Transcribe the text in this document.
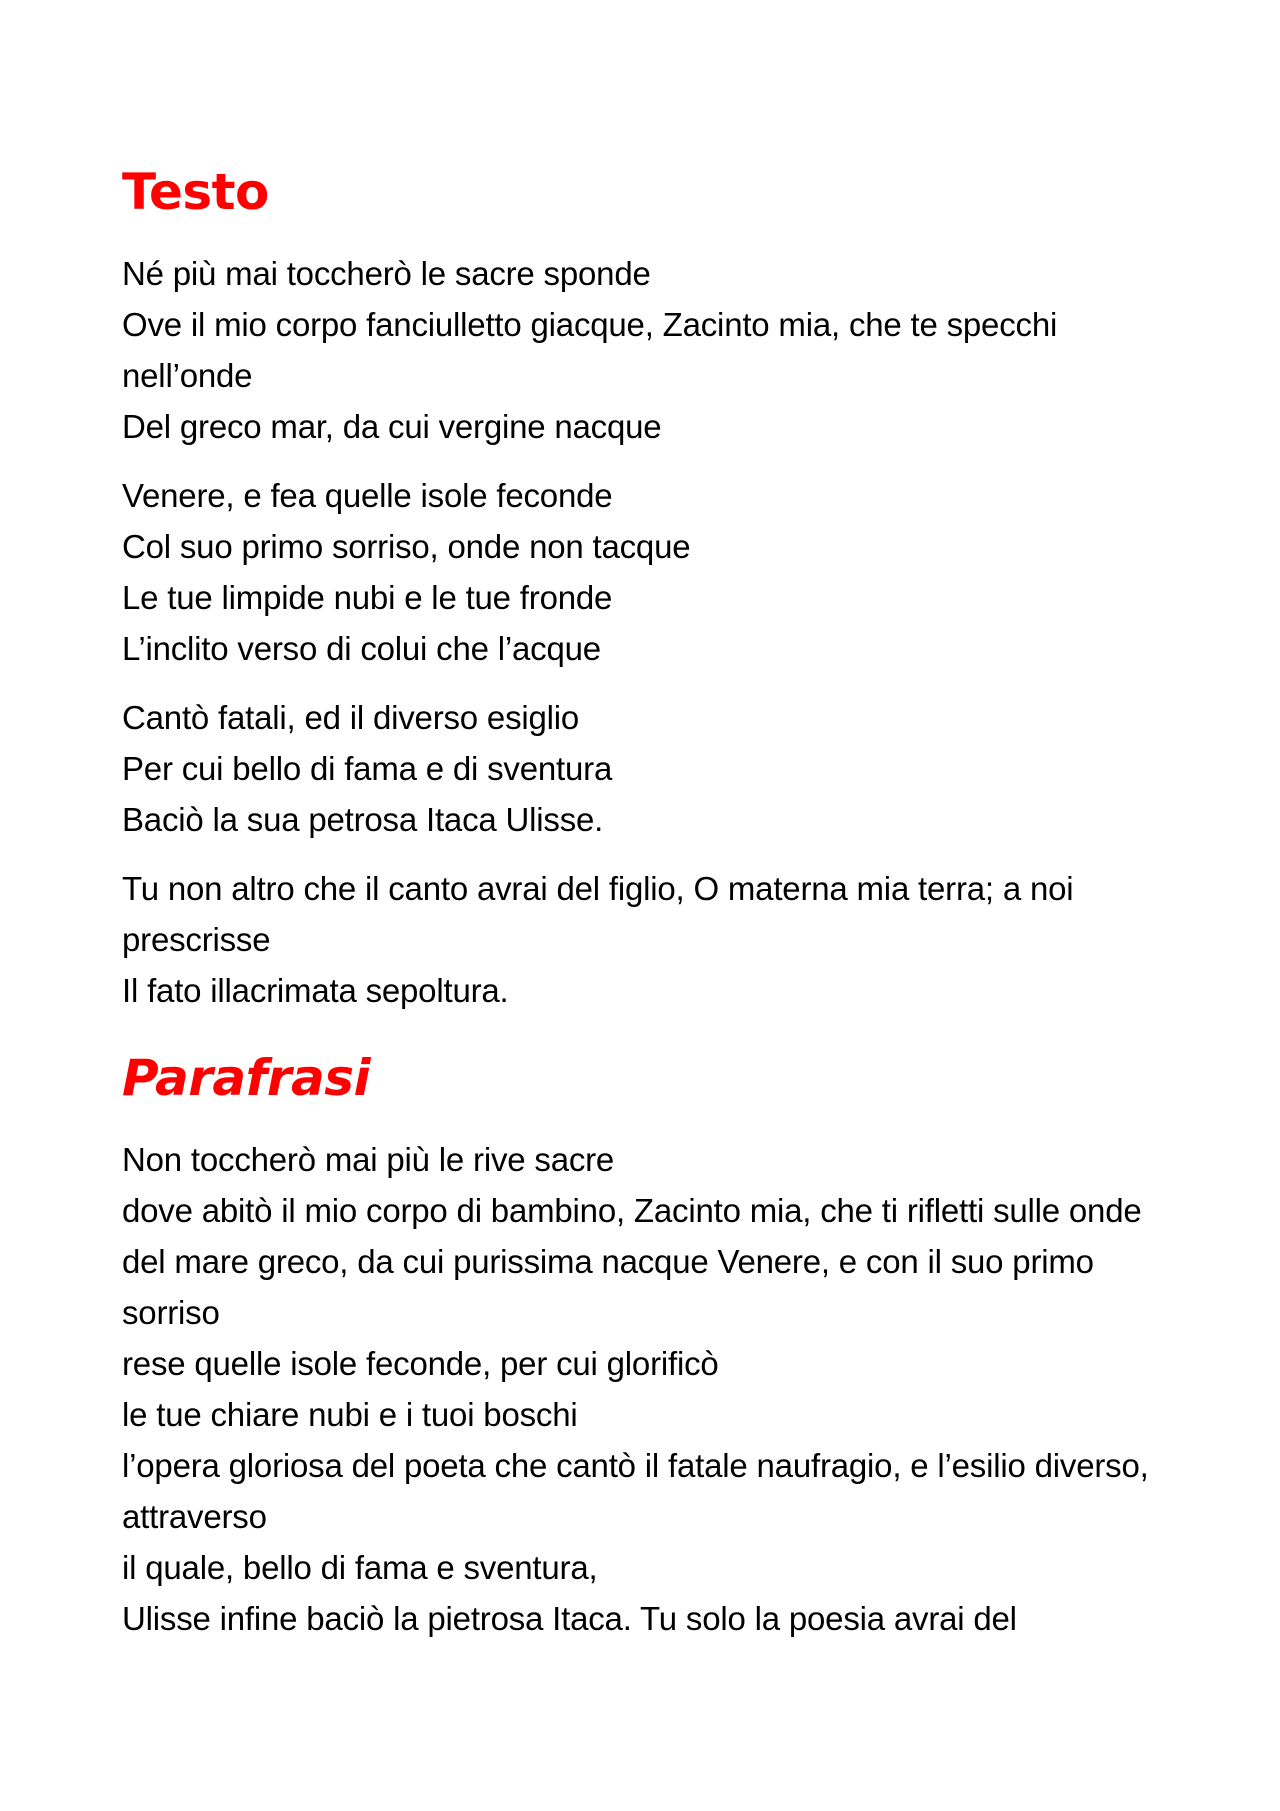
Testo
Né più mai toccherò le sacre sponde
Ove il mio corpo fanciulletto giacque, Zacinto mia, che te specchi nell’onde
Del greco mar, da cui vergine nacque
Venere, e fea quelle isole feconde
Col suo primo sorriso, onde non tacque
Le tue limpide nubi e le tue fronde
L’inclito verso di colui che l’acque
Cantò fatali, ed il diverso esiglio
Per cui bello di fama e di sventura
Baciò la sua petrosa Itaca Ulisse.
Tu non altro che il canto avrai del figlio, O materna mia terra; a noi prescrisse
Il fato illacrimata sepoltura.
Parafrasi
Non toccherò mai più le rive sacre
dove abitò il mio corpo di bambino, Zacinto mia, che ti rifletti sulle onde
del mare greco, da cui purissima nacque Venere, e con il suo primo sorriso
rese quelle isole feconde, per cui glorificò
le tue chiare nubi e i tuoi boschi
l’opera gloriosa del poeta che cantò il fatale naufragio, e l’esilio diverso, attraverso
il quale, bello di fama e sventura,
Ulisse infine baciò la pietrosa Itaca. Tu solo la poesia avrai del
